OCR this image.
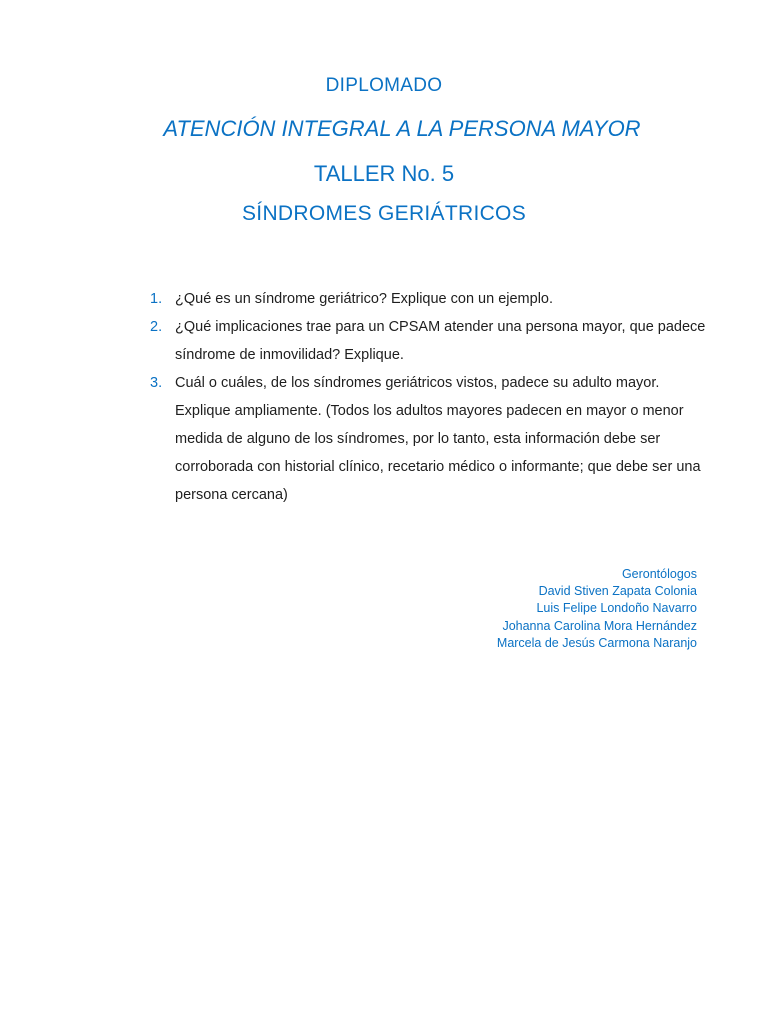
DIPLOMADO
ATENCIÓN INTEGRAL A LA PERSONA MAYOR
TALLER No. 5
SÍNDROMES GERIÁTRICOS
1. ¿Qué es un síndrome geriátrico? Explique con un ejemplo.
2. ¿Qué implicaciones trae para un CPSAM atender una persona mayor, que padece síndrome de inmovilidad? Explique.
3. Cuál o cuáles, de los síndromes geriátricos vistos, padece su adulto mayor. Explique ampliamente. (Todos los adultos mayores padecen en mayor o menor medida de alguno de los síndromes, por lo tanto, esta información debe ser corroborada con historial clínico, recetario médico o informante; que debe ser una persona cercana)
Gerontólogos
David Stiven Zapata Colonia
Luis Felipe Londoño Navarro
Johanna Carolina Mora Hernández
Marcela de Jesús Carmona Naranjo
